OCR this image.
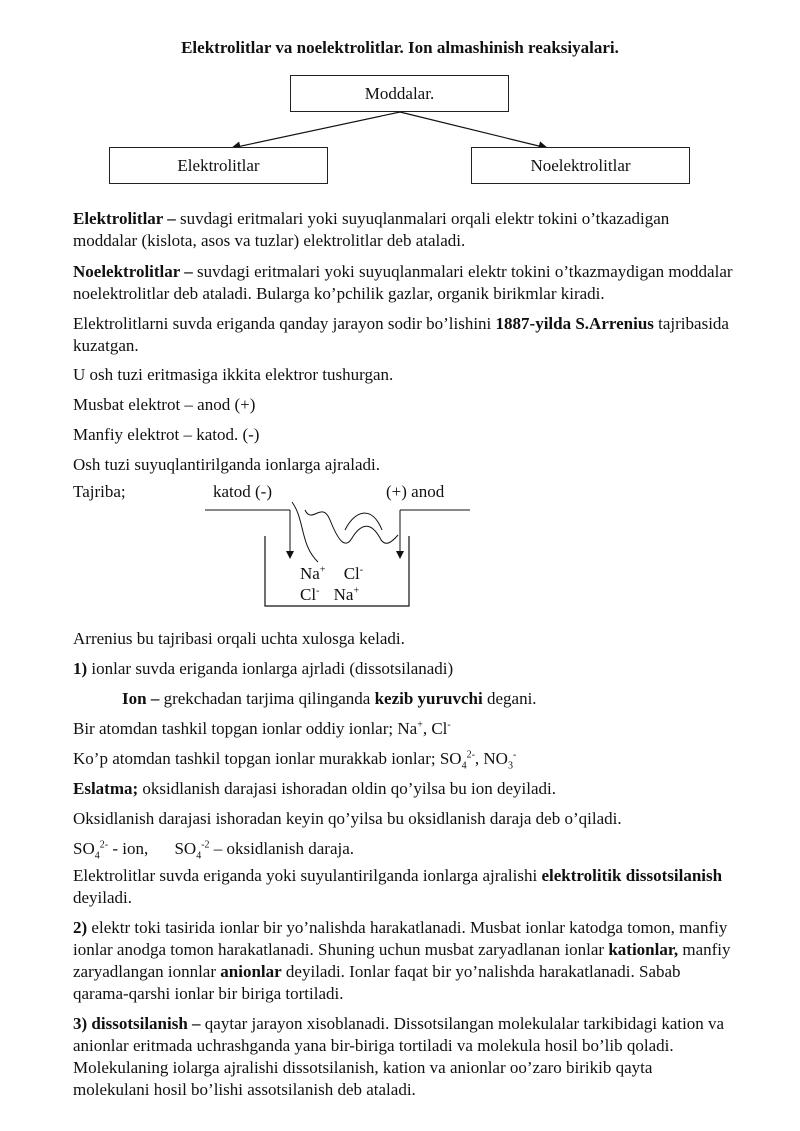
Elektrolitlar va noelektrolitlar. Ion almashinish reaksiyalari.
Moddalar.
Elektrolitlar	Noelektrolitlar
Elektrolitlar – suvdagi eritmalari yoki suyuqlanmalari orqali elektr tokini o’tkazadigan moddalar (kislota, asos va tuzlar) elektrolitlar deb ataladi.
Noelektrolitlar – suvdagi eritmalari yoki suyuqlanmalari elektr tokini o’tkazmaydigan moddalar noelektrolitlar deb ataladi. Bularga ko’pchilik gazlar, organik birikmlar kiradi.
Elektrolitlarni suvda eriganda qanday jarayon sodir bo’lishini 1887-yilda S.Arrenius tajribasida kuzatgan.
U osh tuzi eritmasiga ikkita elektror tushurgan.
Musbat elektrot – anod (+)
Manfiy elektrot – katod. (-)
Osh tuzi suyuqlantirilganda ionlarga ajraladi.
Tajriba;	katod (-)	(+) anod
Na+ Cl-
Cl- Na+
Arrenius bu tajribasi orqali uchta xulosga keladi.
1) ionlar suvda eriganda ionlarga ajrladi (dissotsilanadi)
Ion – grekchadan tarjima qilinganda kezib yuruvchi degani.
Bir atomdan tashkil topgan ionlar oddiy ionlar; Na+, Cl-
Ko’p atomdan tashkil topgan ionlar murakkab ionlar; $SO_4^{2-}$, $NO_3^-$
Eslatma; oksidlanish darajasi ishoradan oldin qo’yilsa bu ion deyiladi.
Oksidlanish darajasi ishoradan keyin qo’yilsa bu oksidlanish daraja deb o’qiladi.
$SO_4^{2-}$ - ion, $SO_4^{-2}$ – oksidlanish daraja.
Elektrolitlar suvda eriganda yoki suyulantirilganda ionlarga ajralishi elektrolitik dissotsilanish deyiladi.
2) elektr toki tasirida ionlar bir yo’nalishda harakatlanadi. Musbat ionlar katodga tomon, manfiy ionlar anodga tomon harakatlanadi. Shuning uchun musbat zaryadlanan ionlar kationlar, manfiy zaryadlangan ionnlar anionlar deyiladi. Ionlar faqat bir yo’nalishda harakatlanadi. Sabab qarama-qarshi ionlar bir biriga tortiladi.
3) dissotsilanish – qaytar jarayon xisoblanadi. Dissotsilangan molekulalar tarkibidagi kation va anionlar eritmada uchrashganda yana bir-biriga tortiladi va molekula hosil bo’lib qoladi. Molekulaning iolarga ajralishi dissotsilanish, kation va anionlar oo’zaro birikib qayta molekulani hosil bo’lishi assotsilanish deb ataladi.
